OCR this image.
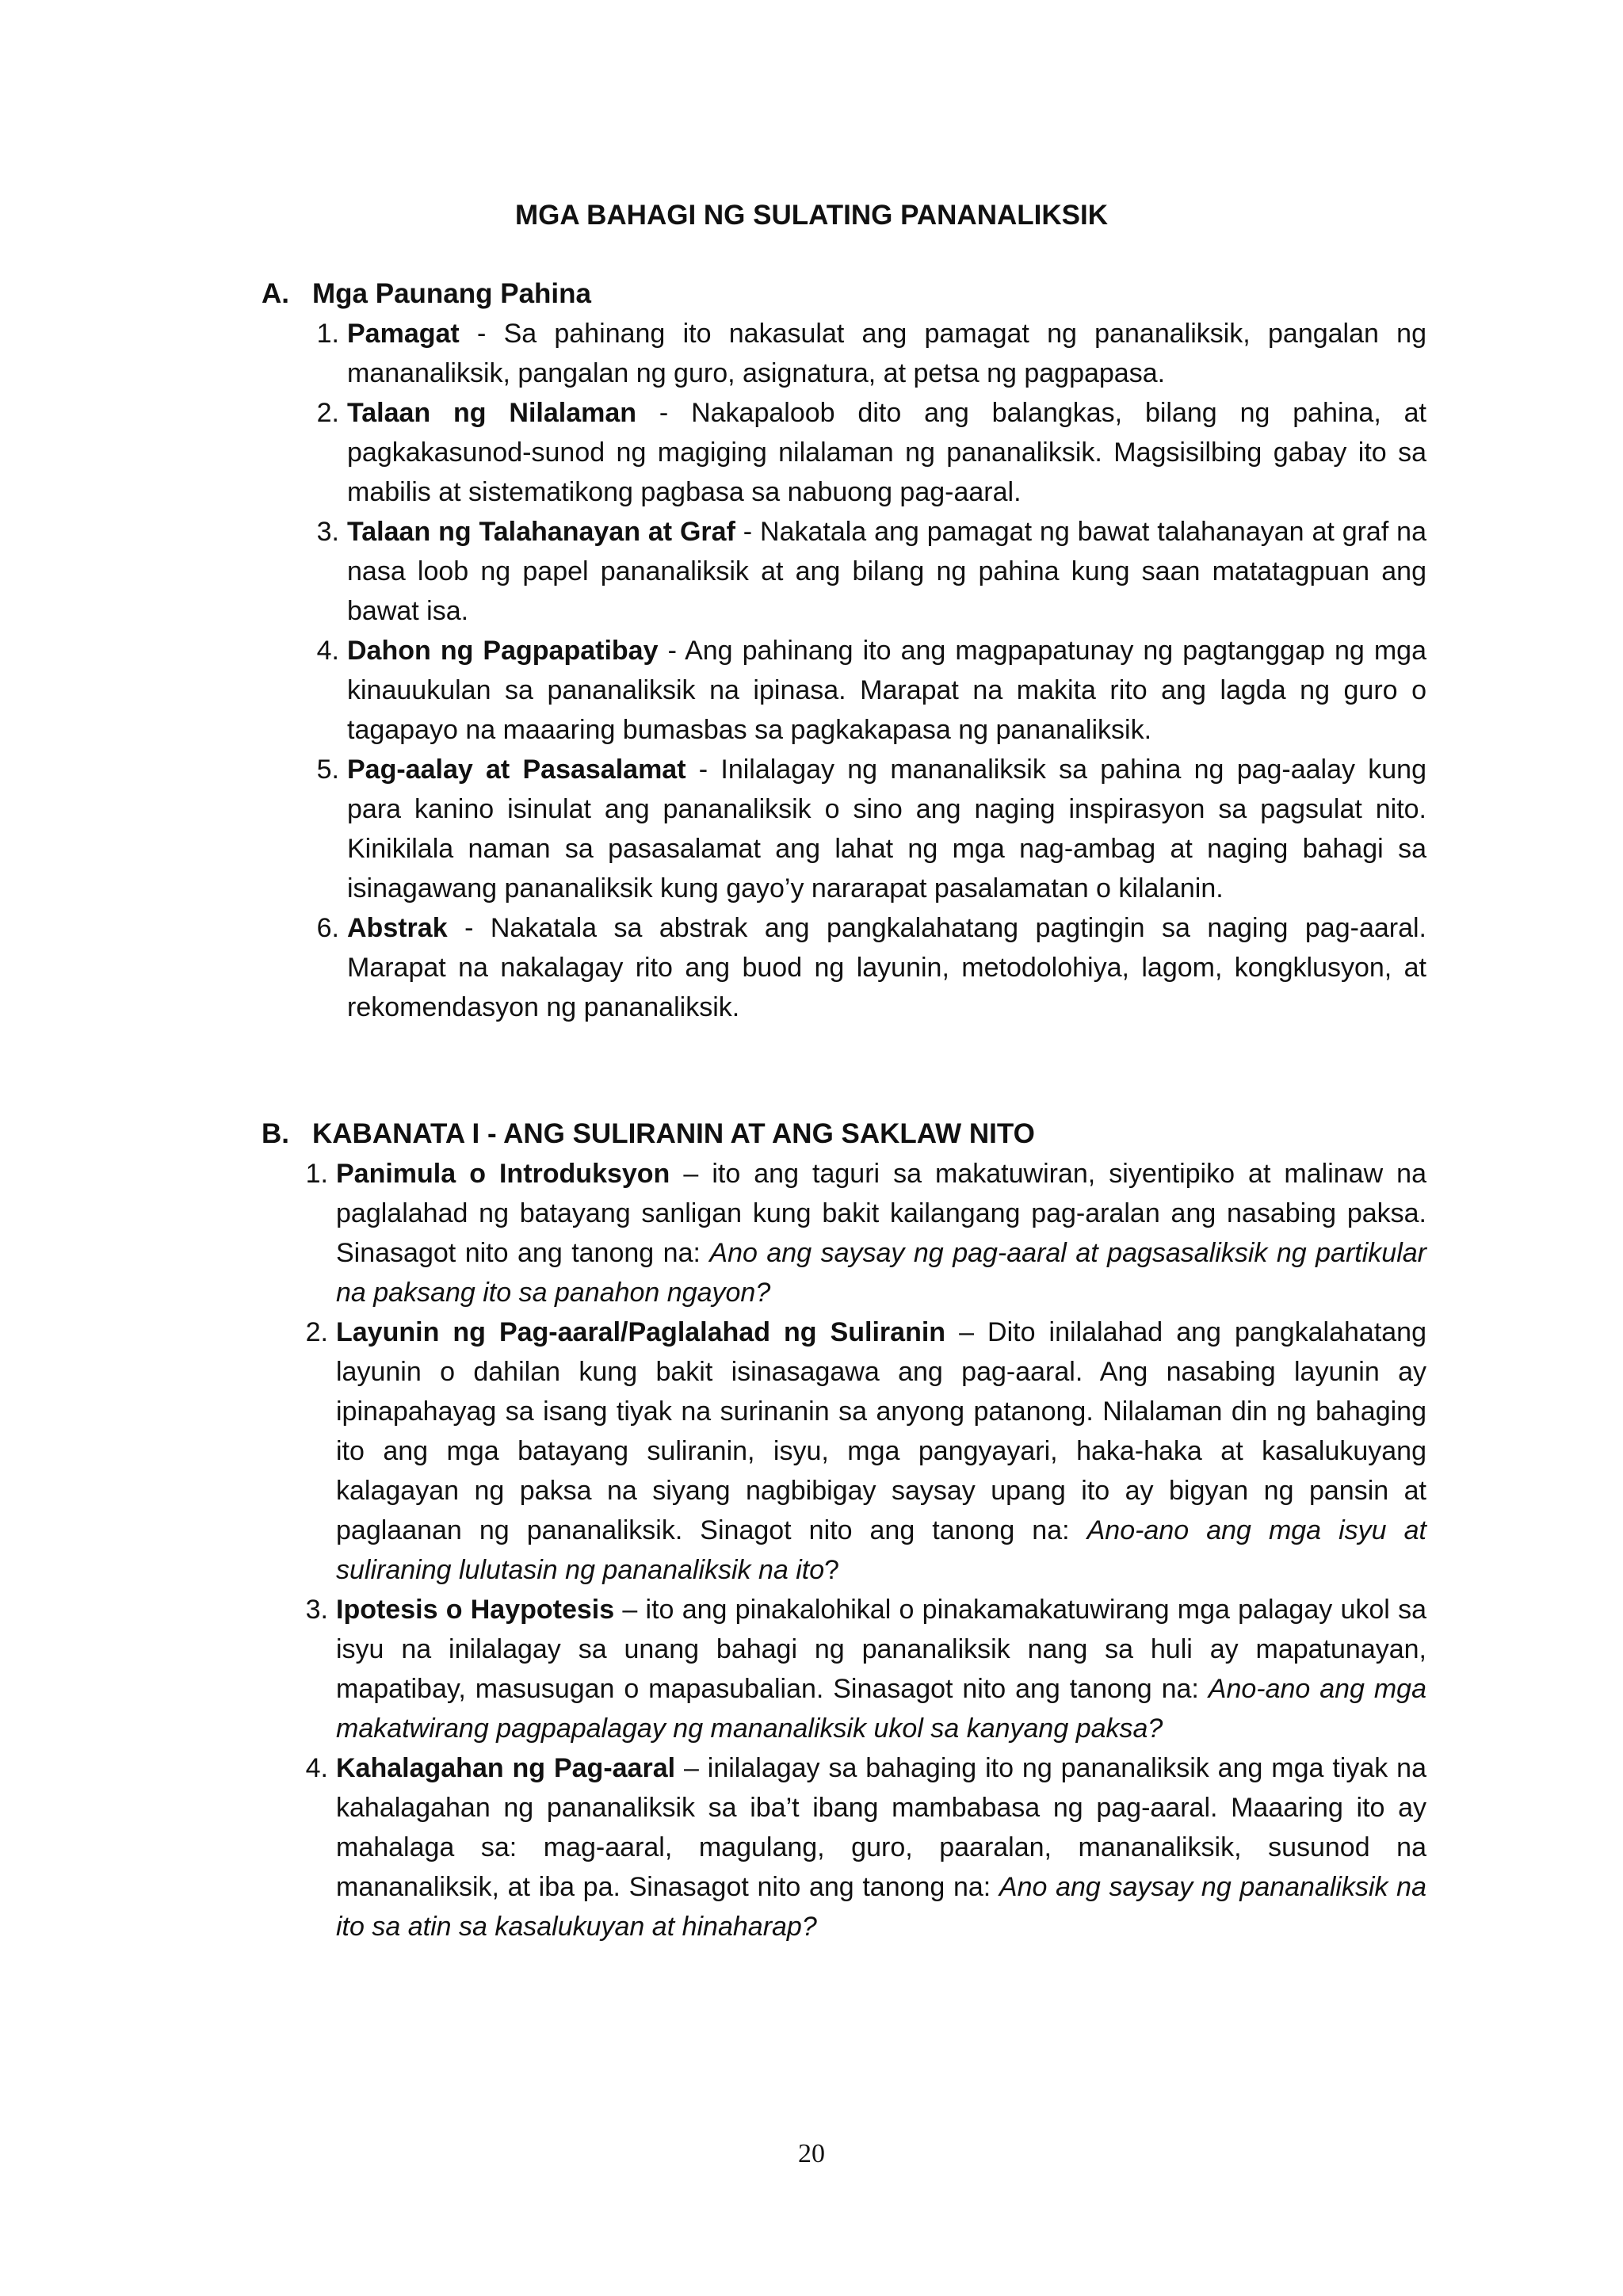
MGA BAHAGI NG SULATING PANANALIKSIK
A. Mga Paunang Pahina
1. Pamagat - Sa pahinang ito nakasulat ang pamagat ng pananaliksik, pangalan ng mananaliksik, pangalan ng guro, asignatura, at petsa ng pagpapasa.
2. Talaan ng Nilalaman - Nakapaloob dito ang balangkas, bilang ng pahina, at pagkakasunod-sunod ng magiging nilalaman ng pananaliksik. Magsisilbing gabay ito sa mabilis at sistematikong pagbasa sa nabuong pag-aaral.
3. Talaan ng Talahanayan at Graf - Nakatala ang pamagat ng bawat talahanayan at graf na nasa loob ng papel pananaliksik at ang bilang ng pahina kung saan matatagpuan ang bawat isa.
4. Dahon ng Pagpapatibay - Ang pahinang ito ang magpapatunay ng pagtanggap ng mga kinauukulan sa pananaliksik na ipinasa. Marapat na makita rito ang lagda ng guro o tagapayo na maaaring bumasbas sa pagkakapasa ng pananaliksik.
5. Pag-aalay at Pasasalamat - Inilalagay ng mananaliksik sa pahina ng pag-aalay kung para kanino isinulat ang pananaliksik o sino ang naging inspirasyon sa pagsulat nito. Kinikilala naman sa pasasalamat ang lahat ng mga nag-ambag at naging bahagi sa isinagawang pananaliksik kung gayo’y nararapat pasalamatan o kilalanin.
6. Abstrak - Nakatala sa abstrak ang pangkalahatang pagtingin sa naging pag-aaral. Marapat na nakalagay rito ang buod ng layunin, metodolohiya, lagom, kongklusyon, at rekomendasyon ng pananaliksik.
B. KABANATA I - ANG SULIRANIN AT ANG SAKLAW NITO
1. Panimula o Introduksyon – ito ang taguri sa makatuwiran, siyentipiko at malinaw na paglalahad ng batayang sanligan kung bakit kailangang pag-aralan ang nasabing paksa. Sinasagot nito ang tanong na: Ano ang saysay ng pag-aaral at pagsasaliksik ng partikular na paksang ito sa panahon ngayon?
2. Layunin ng Pag-aaral/Paglalahad ng Suliranin – Dito inilalahad ang pangkalahatang layunin o dahilan kung bakit isinasagawa ang pag-aaral. Ang nasabing layunin ay ipinapahayag sa isang tiyak na surinanin sa anyong patanong. Nilalaman din ng bahaging ito ang mga batayang suliranin, isyu, mga pangyayari, haka-haka at kasalukuyang kalagayan ng paksa na siyang nagbibigay saysay upang ito ay bigyan ng pansin at paglaanan ng pananaliksik. Sinagot nito ang tanong na: Ano-ano ang mga isyu at suliraning lulutasin ng pananaliksik na ito?
3. Ipotesis o Haypotesis – ito ang pinakalohikal o pinakamakatuwirang mga palagay ukol sa isyu na inilalagay sa unang bahagi ng pananaliksik nang sa huli ay mapatunayan, mapatibay, masusugan o mapasubalian. Sinasagot nito ang tanong na: Ano-ano ang mga makatwirang pagpapalagay ng mananaliksik ukol sa kanyang paksa?
4. Kahalagahan ng Pag-aaral – inilalagay sa bahaging ito ng pananaliksik ang mga tiyak na kahalagahan ng pananaliksik sa iba’t ibang mambabasa ng pag-aaral. Maaaring ito ay mahalaga sa: mag-aaral, magulang, guro, paaralan, mananaliksik, susunod na mananaliksik, at iba pa. Sinasagot nito ang tanong na: Ano ang saysay ng pananaliksik na ito sa atin sa kasalukuyan at hinaharap?

20
